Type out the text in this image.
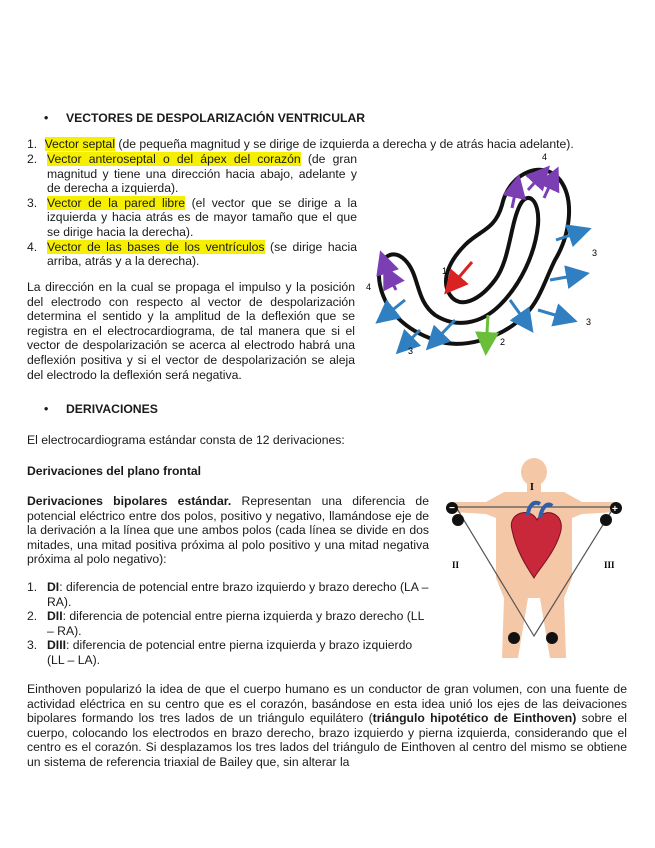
• VECTORES DE DESPOLARIZACIÓN VENTRICULAR
1. Vector septal (de pequeña magnitud y se dirige de izquierda a derecha y de atrás hacia adelante).
2. Vector anteroseptal o del ápex del corazón (de gran magnitud y tiene una dirección hacia abajo, adelante y de derecha a izquierda).
3. Vector de la pared libre (el vector que se dirige a la izquierda y hacia atrás es de mayor tamaño que el que se dirige hacia la derecha).
4. Vector de las bases de los ventrículos (se dirige hacia arriba, atrás y a la derecha).

La dirección en la cual se propaga el impulso y la posición del electrodo con respecto al vector de despolarización determina el sentido y la amplitud de la deflexión que se registra en el electrocardiograma, de tal manera que si el vector de despolarización se acerca al electrodo habrá una deflexión positiva y si el vector de despolarización se aleja del electrodo la deflexión será negativa.

1
2
3
3
3
4
4
• DERIVACIONES
El electrocardiograma estándar consta de 12 derivaciones:
Derivaciones del plano frontal

Derivaciones bipolares estándar. Representan una diferencia de potencial eléctrico entre dos polos, positivo y negativo, llamándose eje de la derivación a la línea que une ambos polos (cada línea se divide en dos mitades, una mitad positiva próxima al polo positivo y una mitad negativa próxima al polo negativo):

1. DI: diferencia de potencial entre brazo izquierdo y brazo derecho (LA – RA).
2. DII: diferencia de potencial entre pierna izquierda y brazo derecho (LL – RA).
3. DIII: diferencia de potencial entre pierna izquierda y brazo izquierdo (LL – LA).
−	+
I
II	III

Einthoven popularizó la idea de que el cuerpo humano es un conductor de gran volumen, con una fuente de actividad eléctrica en su centro que es el corazón, basándose en esta idea unió los ejes de las deivaciones bipolares formando los tres lados de un triángulo equilátero (triángulo hipotético de Einthoven) sobre el cuerpo, colocando los electrodos en brazo derecho, brazo izquierdo y pierna izquierda, considerando que el centro es el corazón. Si desplazamos los tres lados del triángulo de Einthoven al centro del mismo se obtiene un sistema de referencia triaxial de Bailey que, sin alterar la
